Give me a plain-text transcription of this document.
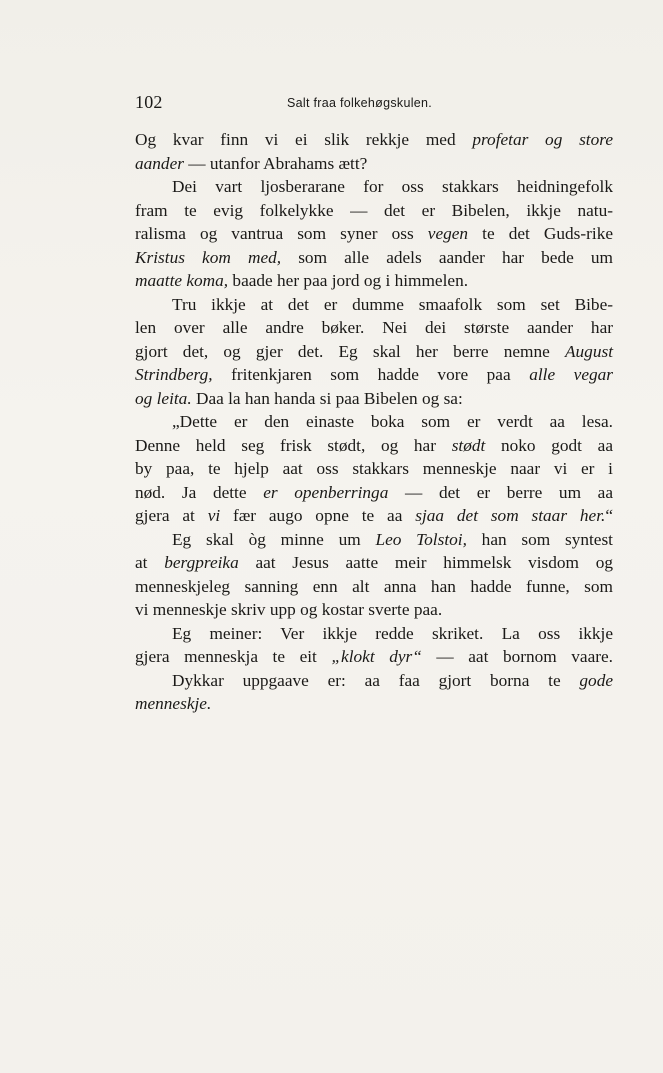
102	Salt fraa folkehøgskulen.
Og kvar finn vi ei slik rekkje med profetar og store
aander — utanfor Abrahams ætt?
Dei vart ljosberarane for oss stakkars heidningefolk
fram te evig folkelykke — det er Bibelen, ikkje natu-
ralisma og vantrua som syner oss vegen te det Guds-rike
Kristus kom med, som alle adels aander har bede um
maatte koma, baade her paa jord og i himmelen.
Tru ikkje at det er dumme smaafolk som set Bibe-
len over alle andre bøker. Nei dei største aander har
gjort det, og gjer det. Eg skal her berre nemne August
Strindberg, fritenkjaren som hadde vore paa alle vegar
og leita. Daa la han handa si paa Bibelen og sa:
„Dette er den einaste boka som er verdt aa lesa.
Denne held seg frisk stødt, og har stødt noko godt aa
by paa, te hjelp aat oss stakkars menneskje naar vi er i
nød. Ja dette er openberringa — det er berre um aa
gjera at vi fær augo opne te aa sjaa det som staar her.“
Eg skal òg minne um Leo Tolstoi, han som syntest
at bergpreika aat Jesus aatte meir himmelsk visdom og
menneskjeleg sanning enn alt anna han hadde funne, som
vi menneskje skriv upp og kostar sverte paa.
Eg meiner: Ver ikkje redde skriket. La oss ikkje
gjera menneskja te eit „klokt dyr“ — aat bornom vaare.
Dykkar uppgaave er: aa faa gjort borna te gode
menneskje.
